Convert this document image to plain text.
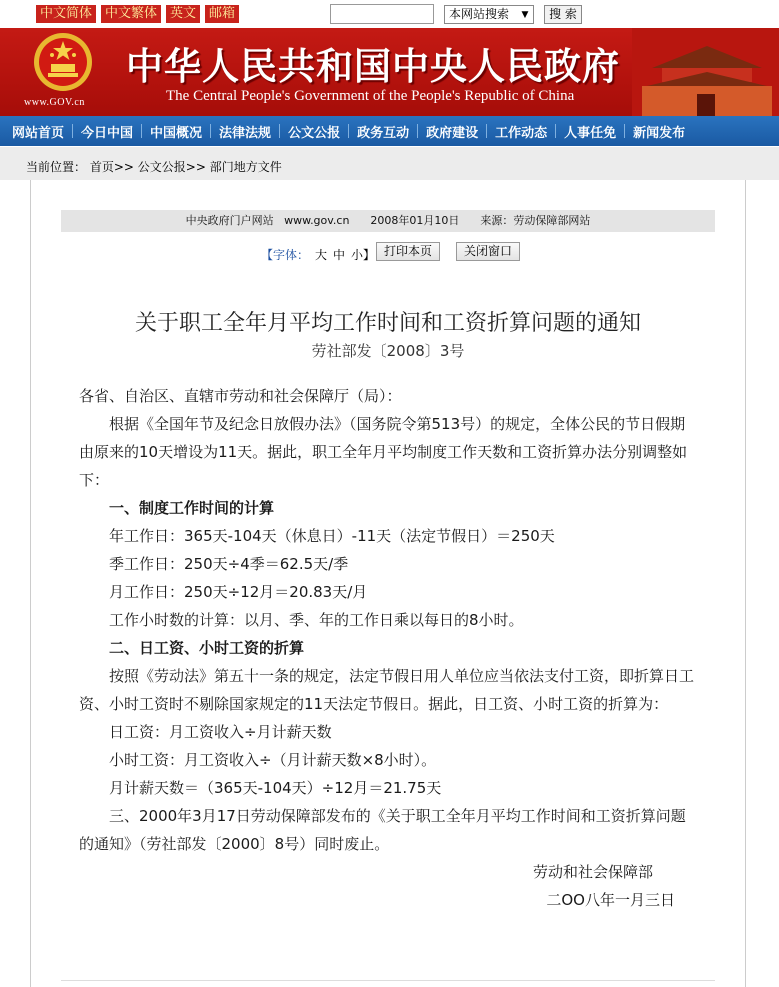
中文简体	中文繁体	英文	邮箱	本网站搜索 ▼	搜 索
www.GOV.cn
中华人民共和国中央人民政府
The Central People's Government of the People's Republic of China
网站首页 今日中国 中国概况 法律法规 公文公报 政务互动 政府建设 工作动态 人事任免 新闻发布
当前位置： 首页>> 公文公报>> 部门地方文件
中央政府门户网站   www.gov.cn      2008年01月10日      来源：劳动保障部网站
【字体： 大 中 小】 打印本页	关闭窗口
关于职工全年月平均工作时间和工资折算问题的通知
劳社部发〔2008〕3号

各省、自治区、直辖市劳动和社会保障厅（局）：

根据《全国年节及纪念日放假办法》（国务院令第513号）的规定，全体公民的节日假期由原来的10天增设为11天。据此，职工全年月平均制度工作天数和工资折算办法分别调整如下：

一、制度工作时间的计算

年工作日：365天-104天（休息日）-11天（法定节假日）＝250天

季工作日：250天÷4季＝62.5天/季

月工作日：250天÷12月＝20.83天/月

工作小时数的计算：以月、季、年的工作日乘以每日的8小时。

二、日工资、小时工资的折算

按照《劳动法》第五十一条的规定，法定节假日用人单位应当依法支付工资，即折算日工资、小时工资时不剔除国家规定的11天法定节假日。据此，日工资、小时工资的折算为：

日工资：月工资收入÷月计薪天数

小时工资：月工资收入÷（月计薪天数×8小时）。

月计薪天数＝（365天-104天）÷12月＝21.75天

三、2000年3月17日劳动保障部发布的《关于职工全年月平均工作时间和工资折算问题的通知》（劳社部发〔2000〕8号）同时废止。

劳动和社会保障部

二OO八年一月三日
